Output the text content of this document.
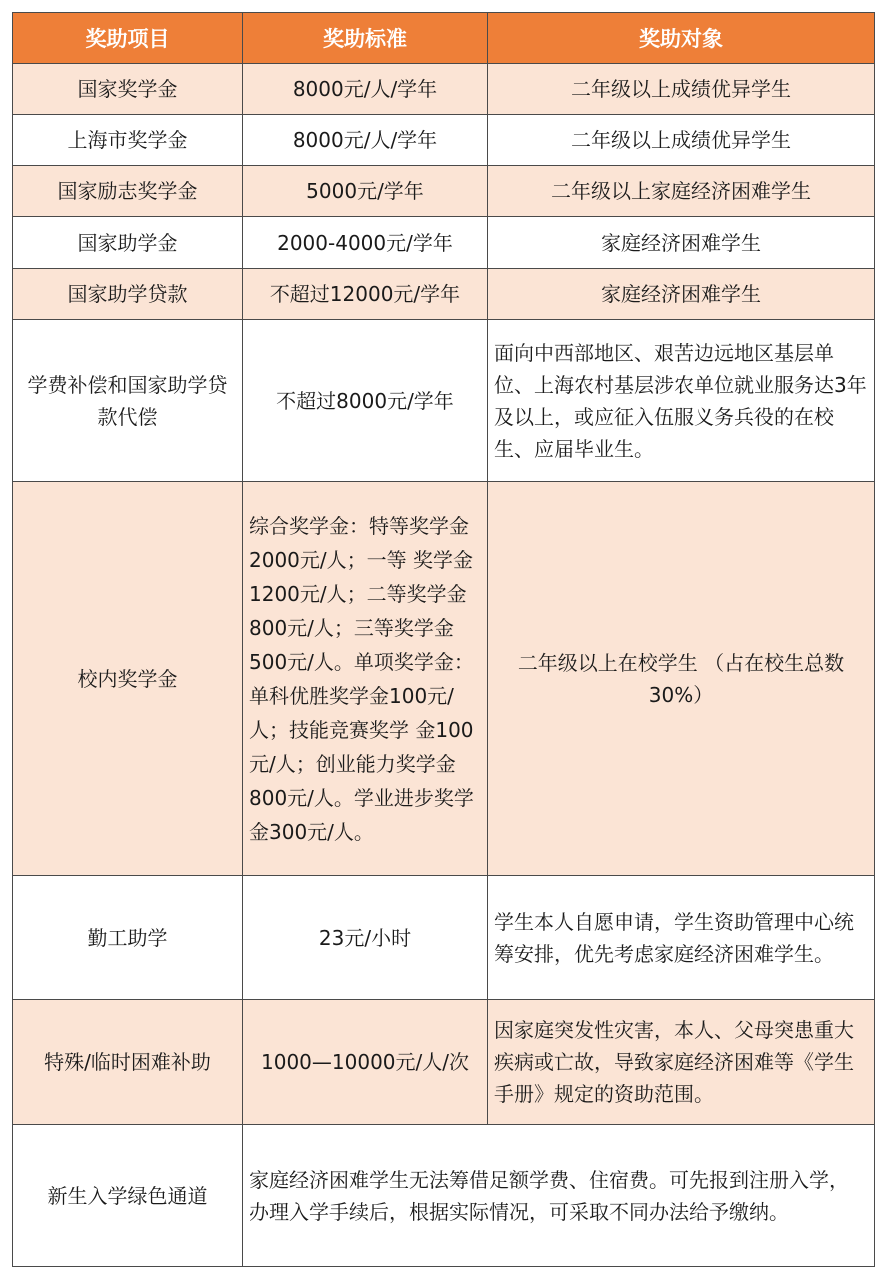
奖助项目	奖助标准	奖助对象
国家奖学金	8000元/人/学年	二年级以上成绩优异学生
上海市奖学金	8000元/人/学年	二年级以上成绩优异学生
国家励志奖学金	5000元/学年	二年级以上家庭经济困难学生
国家助学金	2000-4000元/学年	家庭经济困难学生
国家助学贷款	不超过12000元/学年	家庭经济困难学生
学费补偿和国家助学贷款代偿	不超过8000元/学年	面向中西部地区、艰苦边远地区基层单位、上海农村基层涉农单位就业服务达3年及以上，或应征入伍服义务兵役的在校生、应届毕业生。
校内奖学金	综合奖学金：特等奖学金2000元/人；一等 奖学金1200元/人；二等奖学金800元/人；三等奖学金500元/人。单项奖学金： 单科优胜奖学金100元/人；技能竞赛奖学 金100元/人；创业能力奖学金800元/人。学业进步奖学金300元/人。	二年级以上在校学生 （占在校生总数30%）
勤工助学	23元/小时	学生本人自愿申请，学生资助管理中心统筹安排，优先考虑家庭经济困难学生。
特殊/临时困难补助	1000—10000元/人/次	因家庭突发性灾害，本人、父母突患重大疾病或亡故，导致家庭经济困难等《学生手册》规定的资助范围。
新生入学绿色通道	家庭经济困难学生无法筹借足额学费、住宿费。可先报到注册入学，办理入学手续后，根据实际情况，可采取不同办法给予缴纳。	
